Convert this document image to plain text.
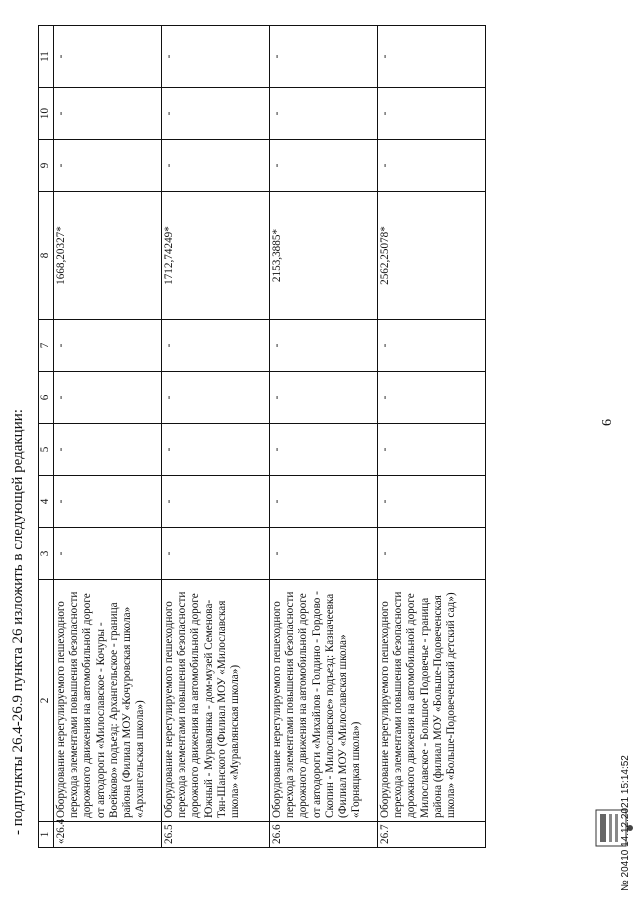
6
- подпункты 26.4-26.9 пункта 26 изложить в следующей редакции: 1	2	3	4	5	6	7	8	9	10	11
«26.4	Оборудование нерегулируемого пешеходного перехода элементами повышения безопасности дорожного движения на автомобильной дороге от автодороги «Милославское - Кочуры - Воейково» подъезд: Архангельское - граница района (Филиал МОУ «Кочуровская школа» «Архангельская школа»)	-	-	-	-	-	1668,20327*	-	-	-
26.5	Оборудование нерегулируемого пешеходного перехода элементами повышения безопасности дорожного движения на автомобильной дороге Южный - Муравлянка - дом-музей Семенова-Тян-Шанского (Филиал МОУ «Милославская школа» «Муравлянская школа»)	-	-	-	-	-	1712,74249*	-	-	-
26.6	Оборудование нерегулируемого пешеходного перехода элементами повышения безопасности дорожного движения на автомобильной дороге от автодороги «Михайлов - Голдино - Гордово - Скопин - Милославское» подъезд: Казначеевка (Филиал МОУ «Милославская школа» «Горняцкая школа»)	-	-	-	-	-	2153,3885*	-	-	-
26.7	Оборудование нерегулируемого пешеходного перехода элементами повышения безопасности дорожного движения на автомобильной дороге Милославское - Большое Подовечье - граница района (филиал МОУ «Больше-Подовеченская школа» «Больше-Подовеченский детский сад»)	-	-	-	-	-	2562,25078*	-	-	-
№ 20410 14.12.2021 15:14:52
